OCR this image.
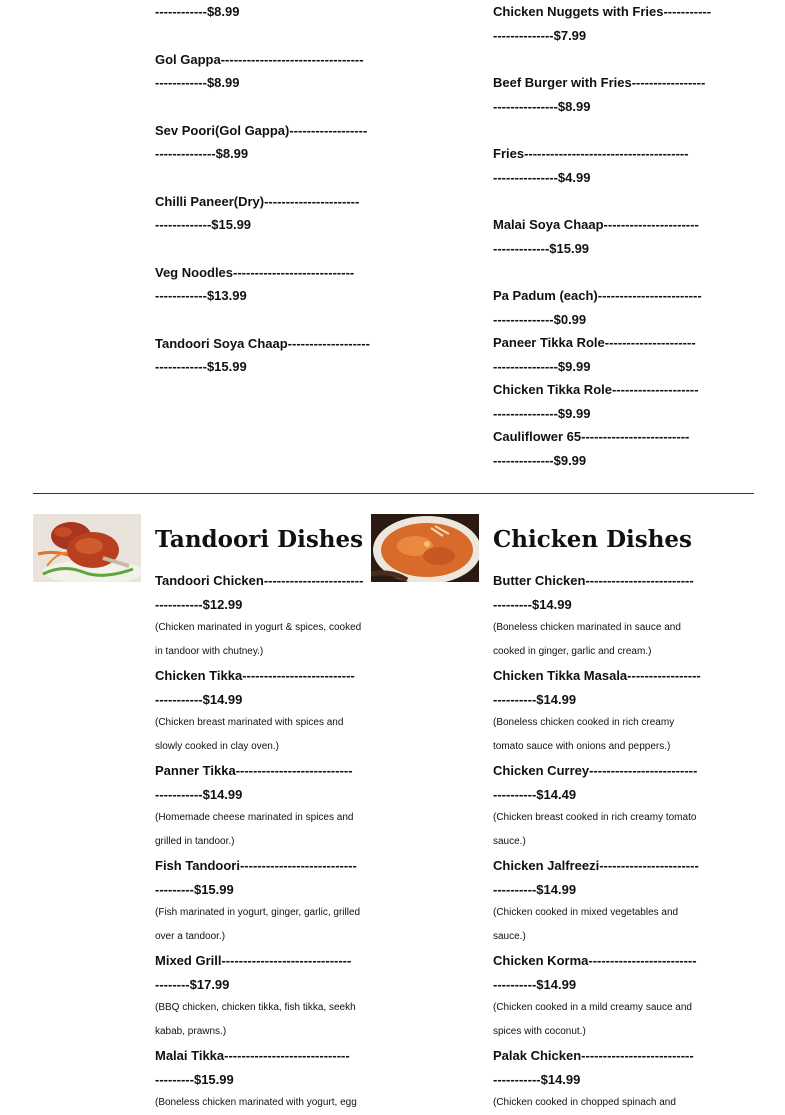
------------$8.99
Gol Gappa---------------------------------
------------$8.99
Sev Poori(Gol Gappa)------------------
--------------$8.99
Chilli Paneer(Dry)----------------------
-------------$15.99
Veg Noodles----------------------------
------------$13.99
Tandoori Soya Chaap-------------------
------------$15.99
Chicken Nuggets with Fries-----------
--------------$7.99
Beef Burger with Fries-----------------
---------------$8.99
Fries--------------------------------------
---------------$4.99
Malai Soya Chaap----------------------
-------------$15.99
Pa Padum (each)------------------------
--------------$0.99
Paneer Tikka Role---------------------
---------------$9.99
Chicken Tikka Role--------------------
---------------$9.99
Cauliflower 65-------------------------
--------------$9.99
Tandoori Dishes
Tandoori Chicken-----------------------
-----------$12.99
(Chicken marinated in yogurt & spices, cooked
in tandoor with chutney.)
Chicken Tikka--------------------------
-----------$14.99
(Chicken breast marinated with spices and
slowly cooked in clay oven.)
Panner Tikka---------------------------
-----------$14.99
(Homemade cheese marinated in spices and
grilled in tandoor.)
Fish Tandoori---------------------------
---------$15.99
(Fish marinated in yogurt, ginger, garlic, grilled
over a tandoor.)
Mixed Grill------------------------------
--------$17.99
(BBQ chicken, chicken tikka, fish tikka, seekh
kabab, prawns.)
Malai Tikka-----------------------------
---------$15.99
(Boneless chicken marinated with yogurt, egg
Chicken Dishes
Butter Chicken-------------------------
---------$14.99
(Boneless chicken marinated in sauce and
cooked in ginger, garlic and cream.)
Chicken Tikka Masala-----------------
----------$14.99
(Boneless chicken cooked in rich creamy
tomato sauce with onions and peppers.)
Chicken Currey-------------------------
----------$14.49
(Chicken breast cooked in rich creamy tomato
sauce.)
Chicken Jalfreezi-----------------------
----------$14.99
(Chicken cooked in mixed vegetables and
sauce.)
Chicken Korma-------------------------
----------$14.99
(Chicken cooked in a mild creamy sauce and
spices with coconut.)
Palak Chicken--------------------------
-----------$14.99
(Chicken cooked in chopped spinach and
